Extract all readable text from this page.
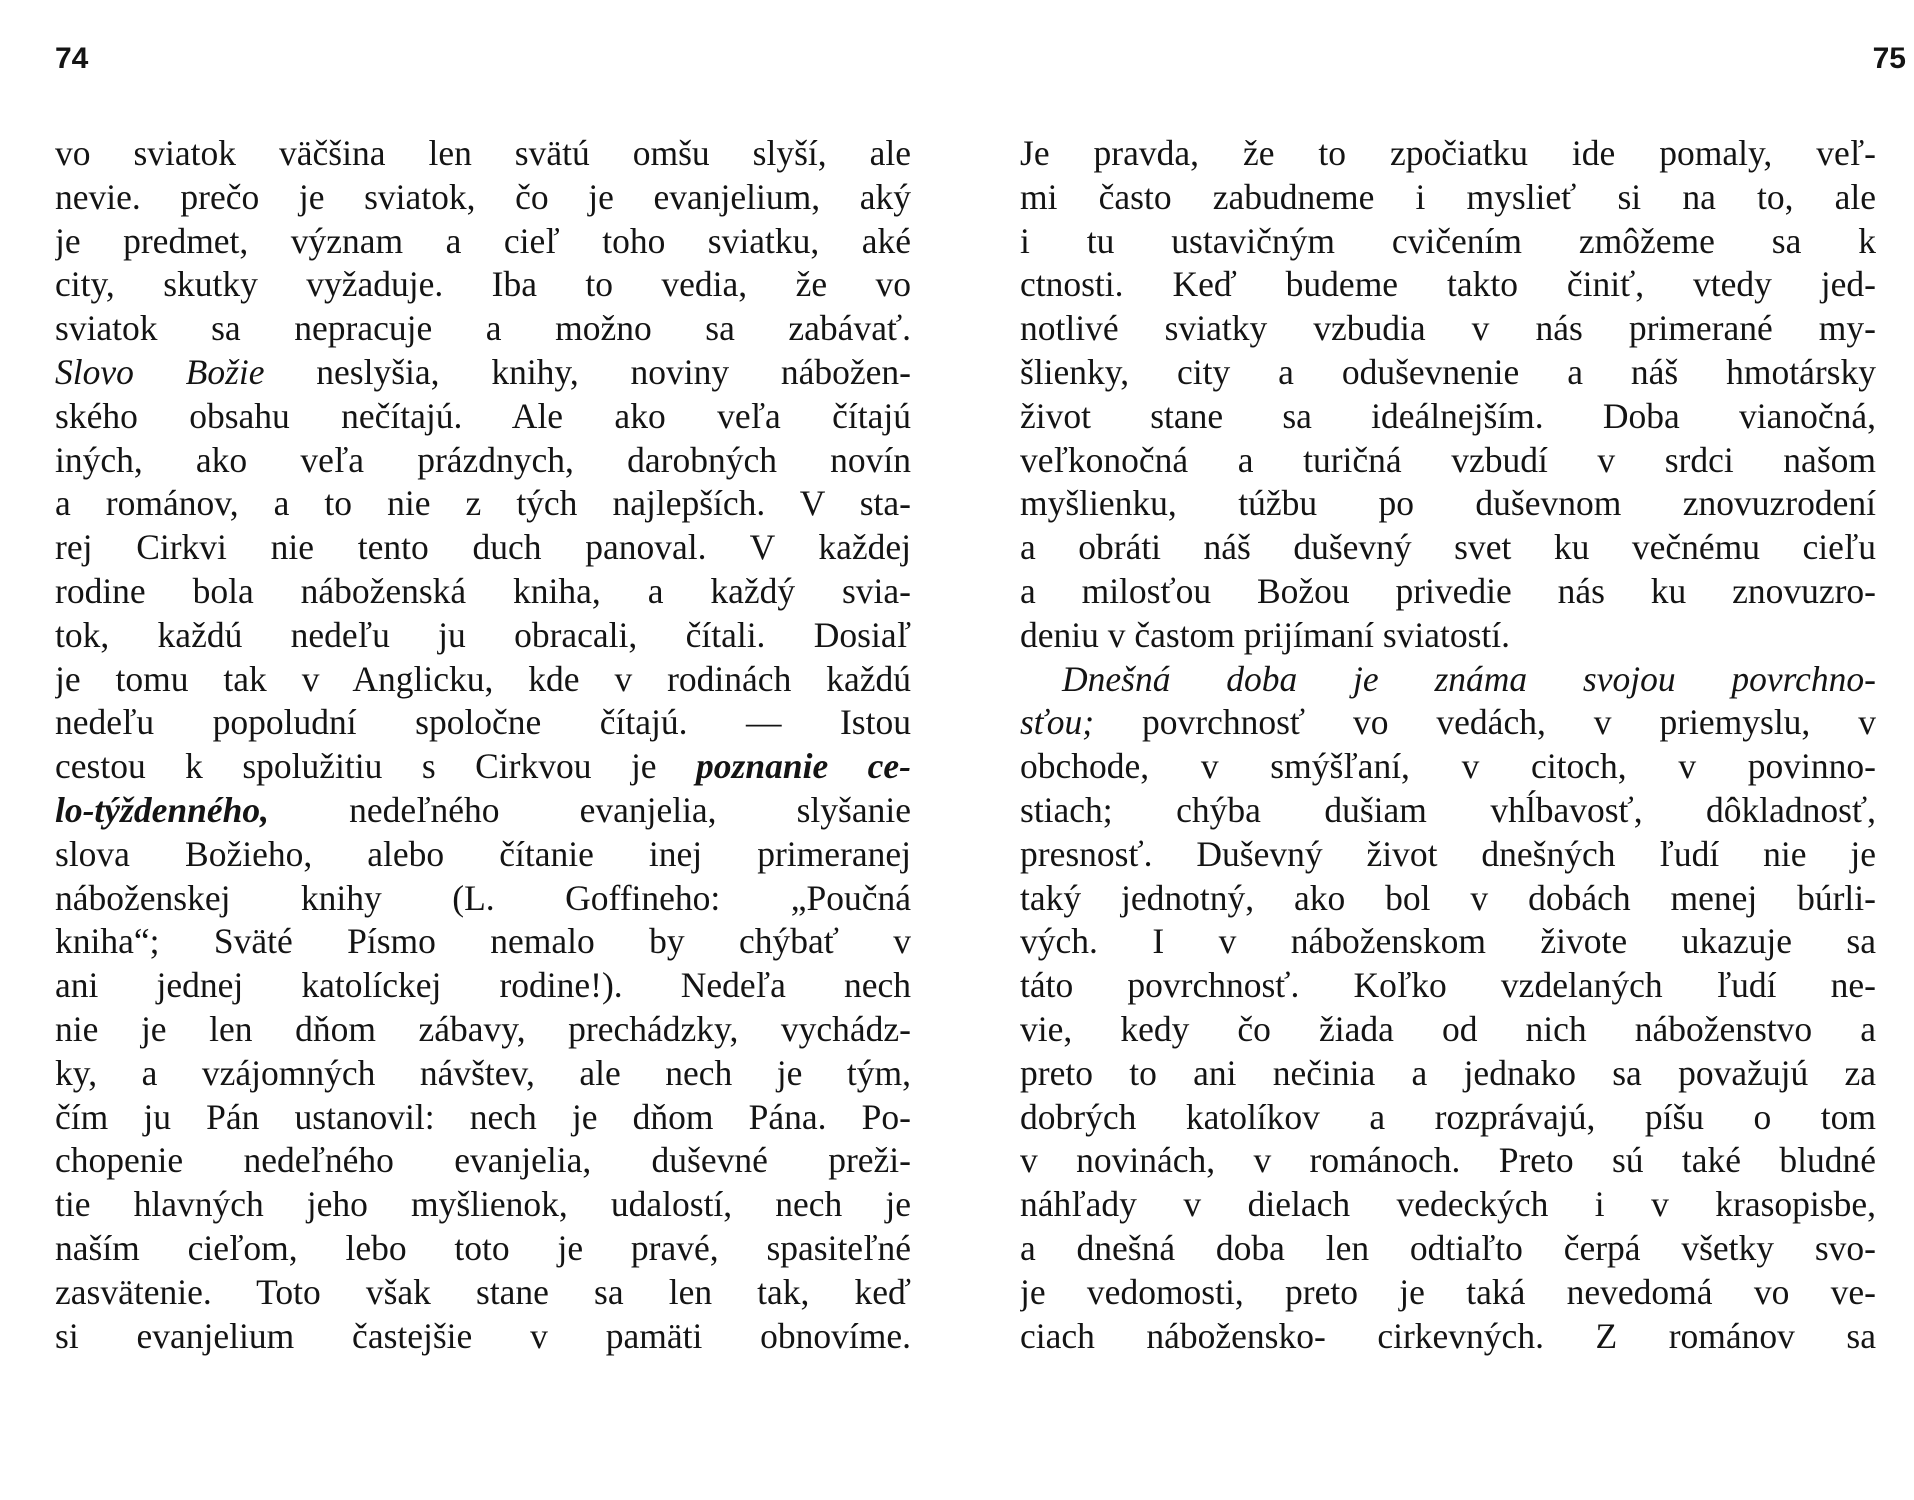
74
vo sviatok väčšina len svätú omšu slyší, ale
nevie. prečo je sviatok, čo je evanjelium, aký
je predmet, význam a cieľ toho sviatku, aké
city, skutky vyžaduje. Iba to vedia, že vo
sviatok sa nepracuje a možno sa zabávať.
Slovo Božie neslyšia, knihy, noviny nábožen-
ského obsahu nečítajú. Ale ako veľa čítajú
iných, ako veľa prázdnych, darobných novín
a románov, a to nie z tých najlepších. V sta-
rej Cirkvi nie tento duch panoval. V každej
rodine bola náboženská kniha, a každý svia-
tok, každú nedeľu ju obracali, čítali. Dosiaľ
je tomu tak v Anglicku, kde v rodinách každú
nedeľu popoludní spoločne čítajú. — Istou
cestou k spolužitiu s Cirkvou je poznanie ce-
lo-týždenného, nedeľného evanjelia, slyšanie
slova Božieho, alebo čítanie inej primeranej
náboženskej knihy (L. Goffineho: „Poučná
kniha“; Sväté Písmo nemalo by chýbať v
ani jednej katolíckej rodine!). Nedeľa nech
nie je len dňom zábavy, prechádzky, vychádz-
ky, a vzájomných návštev, ale nech je tým,
čím ju Pán ustanovil: nech je dňom Pána. Po-
chopenie nedeľného evanjelia, duševné preži-
tie hlavných jeho myšlienok, udalostí, nech je
naším cieľom, lebo toto je pravé, spasiteľné
zasvätenie. Toto však stane sa len tak, keď
si evanjelium častejšie v pamäti obnovíme.
75
Je pravda, že to zpočiatku ide pomaly, veľ-
mi často zabudneme i myslieť si na to, ale
i tu ustavičným cvičením zmôžeme sa k
ctnosti. Keď budeme takto činiť, vtedy jed-
notlivé sviatky vzbudia v nás primerané my-
šlienky, city a oduševnenie a náš hmotársky
život stane sa ideálnejším. Doba vianočná,
veľkonočná a turičná vzbudí v srdci našom
myšlienku, túžbu po duševnom znovuzrodení
a obráti náš duševný svet ku večnému cieľu
a milosťou Božou privedie nás ku znovuzro-
deniu v častom prijímaní sviatostí.
Dnešná doba je známa svojou povrchno-
sťou; povrchnosť vo vedách, v priemyslu, v
obchode, v smýšľaní, v citoch, v povinno-
stiach; chýba dušiam vhĺbavosť, dôkladnosť,
presnosť. Duševný život dnešných ľudí nie je
taký jednotný, ako bol v dobách menej búrli-
vých. I v náboženskom živote ukazuje sa
táto povrchnosť. Koľko vzdelaných ľudí ne-
vie, kedy čo žiada od nich náboženstvo a
preto to ani nečinia a jednako sa považujú za
dobrých katolíkov a rozprávajú, píšu o tom
v novinách, v románoch. Preto sú také bludné
náhľady v dielach vedeckých i v krasopisbe,
a dnešná doba len odtiaľto čerpá všetky svo-
je vedomosti, preto je taká nevedomá vo ve-
ciach nábožensko- cirkevných. Z románov sa
